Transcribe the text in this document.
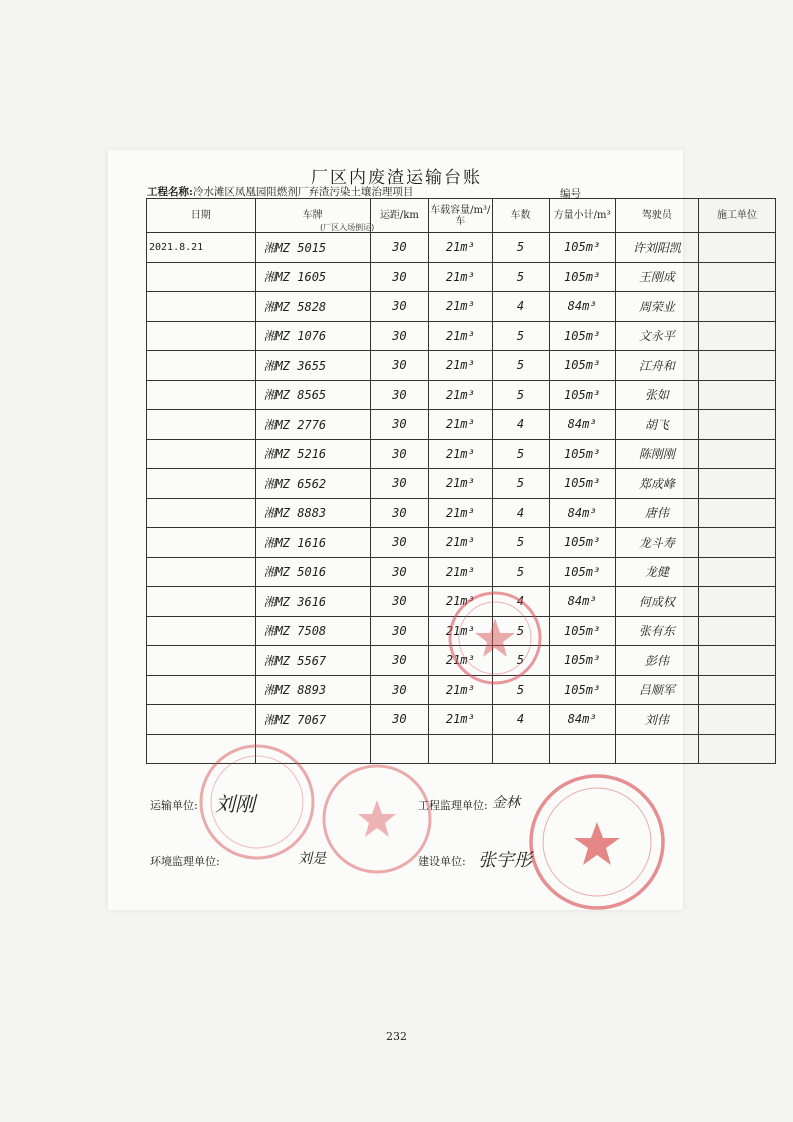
厂区内废渣运输台账
工程名称:冷水滩区凤凰园阻燃剂厂弃渣污染土壤治理项目	编号
日期	车牌	运距/km	车载容量/m³/车	车数	方量小计/m³	驾驶员	施工单位
2021.8.21	湘MZ 5015	30	21m³	5	105m³	许刘阳凯	
	湘MZ 1605	30	21m³	5	105m³	王刚成	
	湘MZ 5828	30	21m³	4	84m³	周荣业	
	湘MZ 1076	30	21m³	5	105m³	文永平	
	湘MZ 3655	30	21m³	5	105m³	江舟和	
	湘MZ 8565	30	21m³	5	105m³	张如	
	湘MZ 2776	30	21m³	4	84m³	胡飞	
	湘MZ 5216	30	21m³	5	105m³	陈刚刚	
	湘MZ 6562	30	21m³	5	105m³	郑成峰	
	湘MZ 8883	30	21m³	4	84m³	唐伟	
	湘MZ 1616	30	21m³	5	105m³	龙斗寿	
	湘MZ 5016	30	21m³	5	105m³	龙健	
	湘MZ 3616	30	21m³	4	84m³	何成权	
	湘MZ 7508	30	21m³	5	105m³	张有东	
	湘MZ 5567	30	21m³	5	105m³	彭伟	
	湘MZ 8893	30	21m³	5	105m³	吕顺军	
	湘MZ 7067	30	21m³	4	84m³	刘伟	

(厂区入场倒运)
运输单位: 刘刚	工程监理单位: 金林
环境监理单位:	刘是	建设单位: 张宇彤
232
